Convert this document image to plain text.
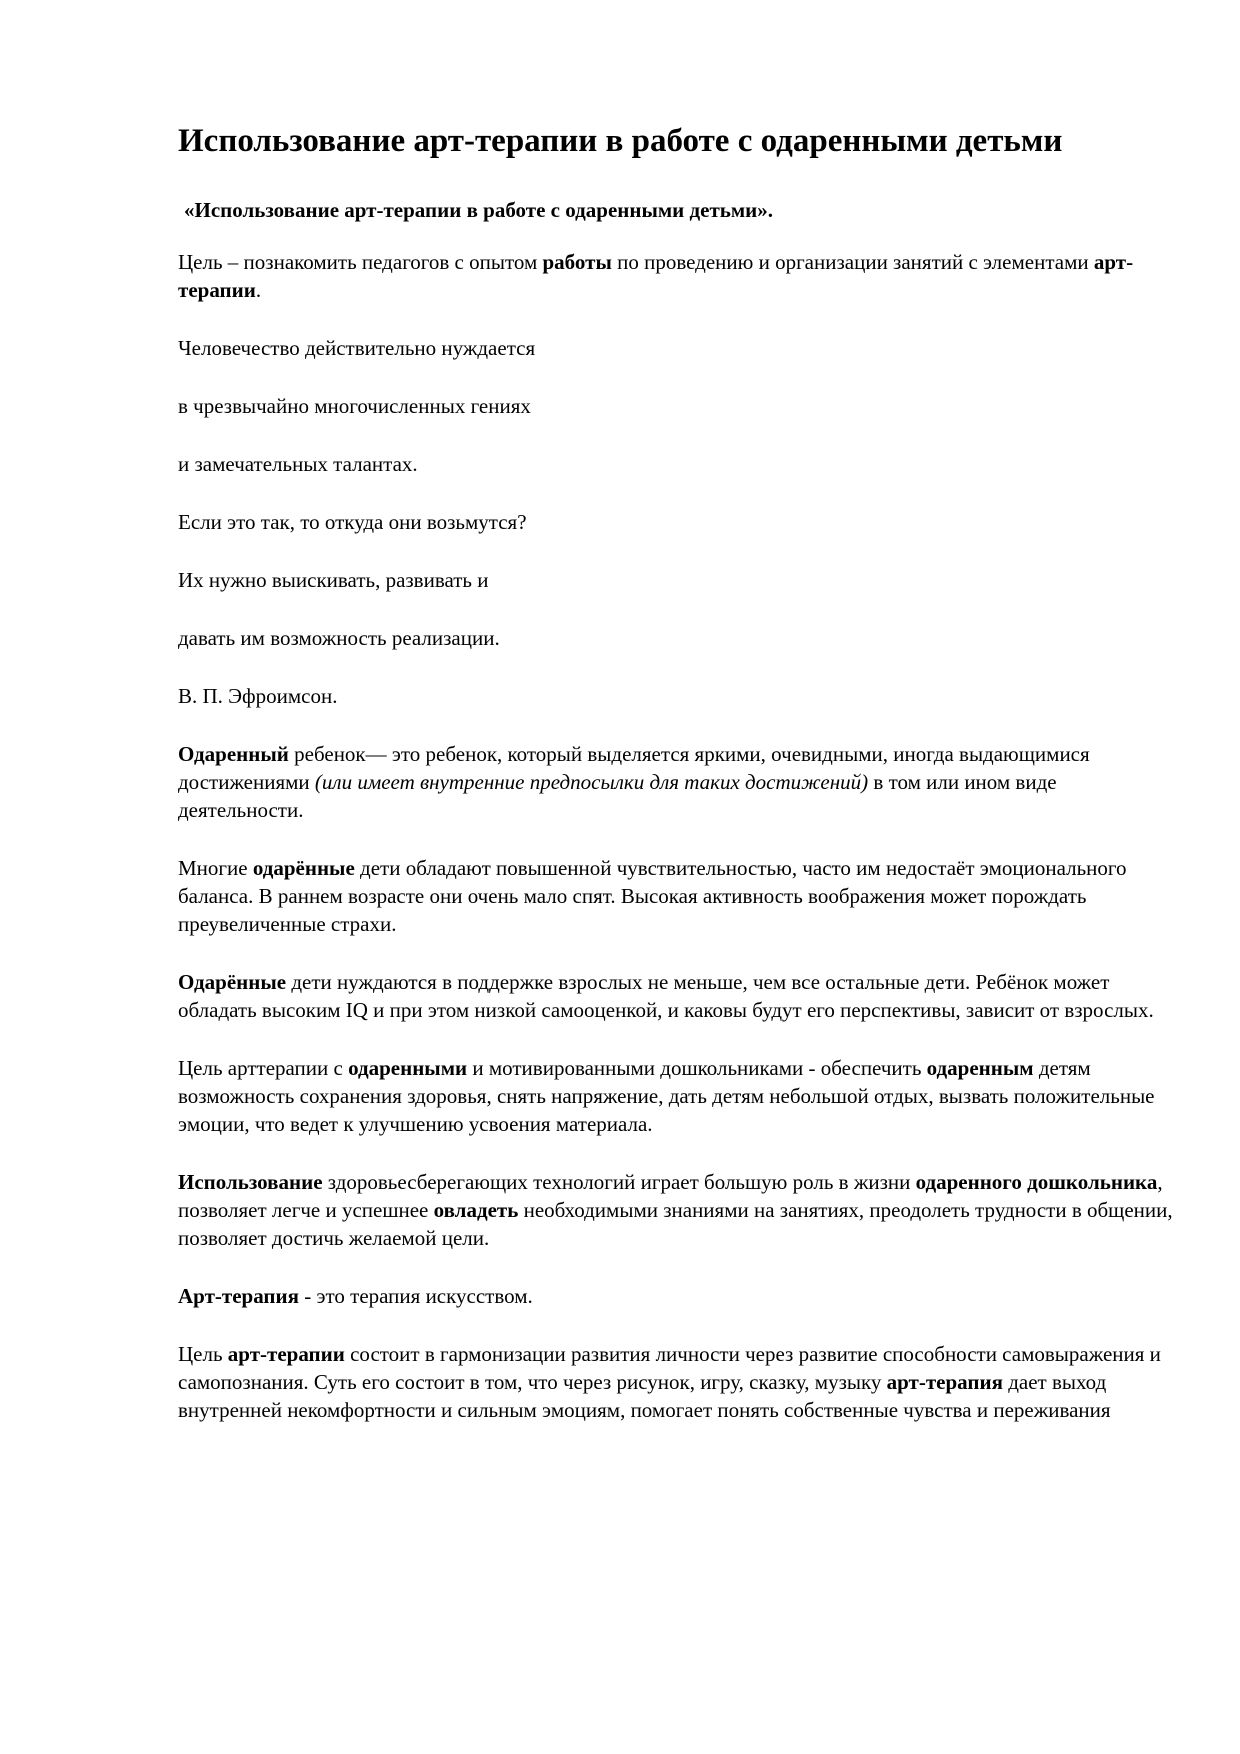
Использование арт-терапии в работе с одаренными детьми
«Использование арт-терапии в работе с одаренными детьми».

Цель – познакомить педагогов с опытом работы по проведению и организации занятий с элементами арт-терапии.

Человечество действительно нуждается

в чрезвычайно многочисленных гениях

и замечательных талантах.

Если это так, то откуда они возьмутся?

Их нужно выискивать, развивать и

давать им возможность реализации.

В. П. Эфроимсон.

Одаренный ребенок— это ребенок, который выделяется яркими, очевидными, иногда выдающимися достижениями (или имеет внутренние предпосылки для таких достижений) в том или ином виде деятельности.

Многие одарённые дети обладают повышенной чувствительностью, часто им недостаёт эмоционального баланса. В раннем возрасте они очень мало спят. Высокая активность воображения может порождать преувеличенные страхи.

Одарённые дети нуждаются в поддержке взрослых не меньше, чем все остальные дети. Ребёнок может обладать высоким IQ и при этом низкой самооценкой, и каковы будут его перспективы, зависит от взрослых.

Цель арттерапии с одаренными и мотивированными дошкольниками - обеспечить одаренным детям возможность сохранения здоровья, снять напряжение, дать детям небольшой отдых, вызвать положительные эмоции, что ведет к улучшению усвоения материала.

Использование здоровьесберегающих технологий играет большую роль в жизни одаренного дошкольника, позволяет легче и успешнее овладеть необходимыми знаниями на занятиях, преодолеть трудности в общении, позволяет достичь желаемой цели.

Арт-терапия - это терапия искусством.

Цель арт-терапии состоит в гармонизации развития личности через развитие способности самовыражения и самопознания. Суть его состоит в том, что через рисунок, игру, сказку, музыку арт-терапия дает выход внутренней некомфортности и сильным эмоциям, помогает понять собственные чувства и переживания
